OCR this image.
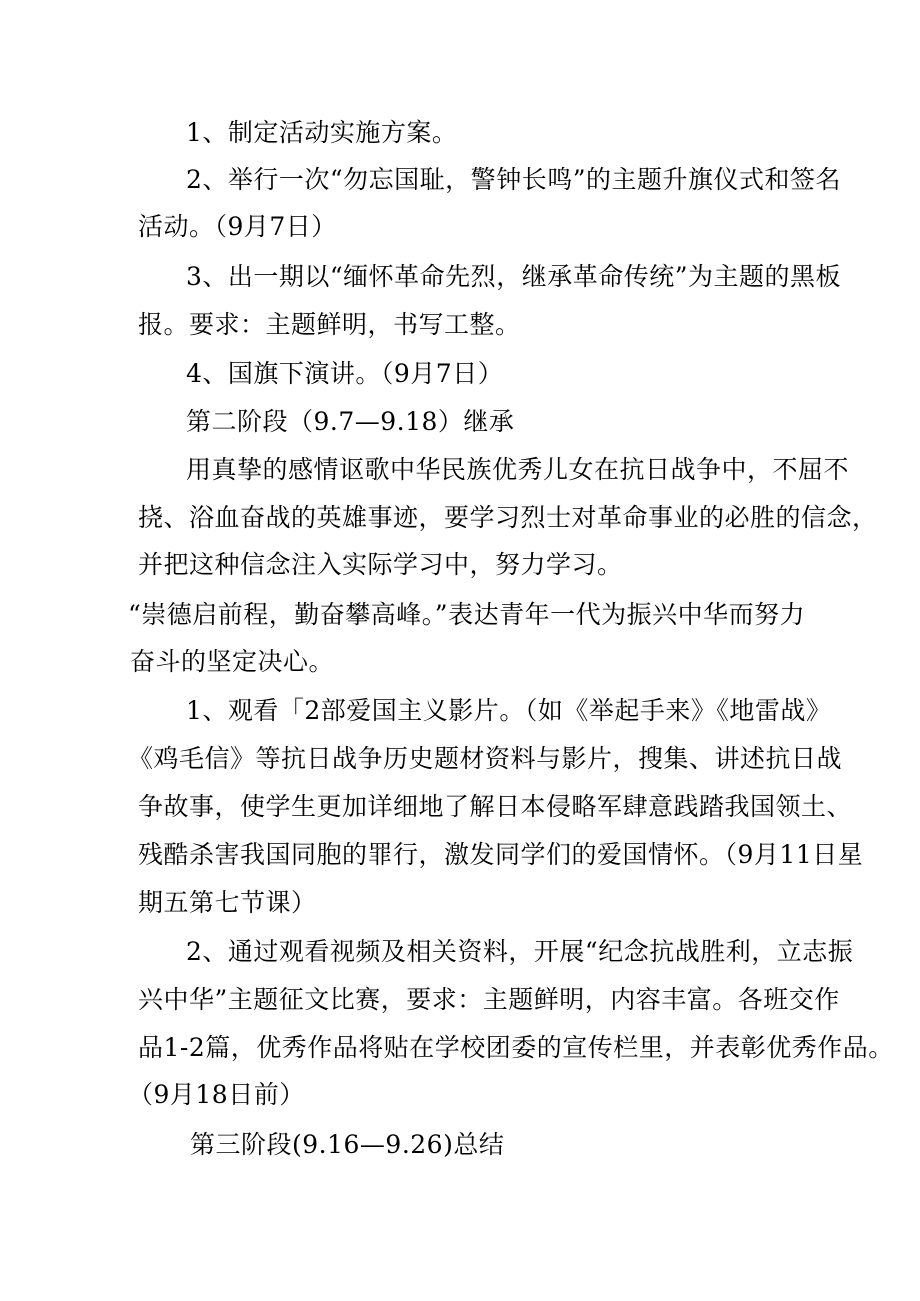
1、制定活动实施方案。
2、举行一次“勿忘国耻，警钟长鸣”的主题升旗仪式和签名
活动。（9月7日）
3、出一期以“缅怀革命先烈，继承革命传统”为主题的黑板
报。要求：主题鲜明，书写工整。
4、国旗下演讲。（9月7日）
第二阶段（9.7—9.18）继承
用真挚的感情讴歌中华民族优秀儿女在抗日战争中，不屈不
挠、浴血奋战的英雄事迹，要学习烈士对革命事业的必胜的信念，
并把这种信念注入实际学习中，努力学习。
“崇德启前程，勤奋攀高峰。”表达青年一代为振兴中华而努力
奋斗的坚定决心。
1、观看「2部爱国主义影片。（如《举起手来》《地雷战》
《鸡毛信》等抗日战争历史题材资料与影片，搜集、讲述抗日战
争故事，使学生更加详细地了解日本侵略军肆意践踏我国领土、
残酷杀害我国同胞的罪行，激发同学们的爱国情怀。（9月11日星
期五第七节课）
2、通过观看视频及相关资料，开展“纪念抗战胜利，立志振
兴中华”主题征文比赛，要求：主题鲜明，内容丰富。各班交作
品1-2篇，优秀作品将贴在学校团委的宣传栏里，并表彰优秀作品。
（9月18日前）
第三阶段(9.16—9.26)总结
